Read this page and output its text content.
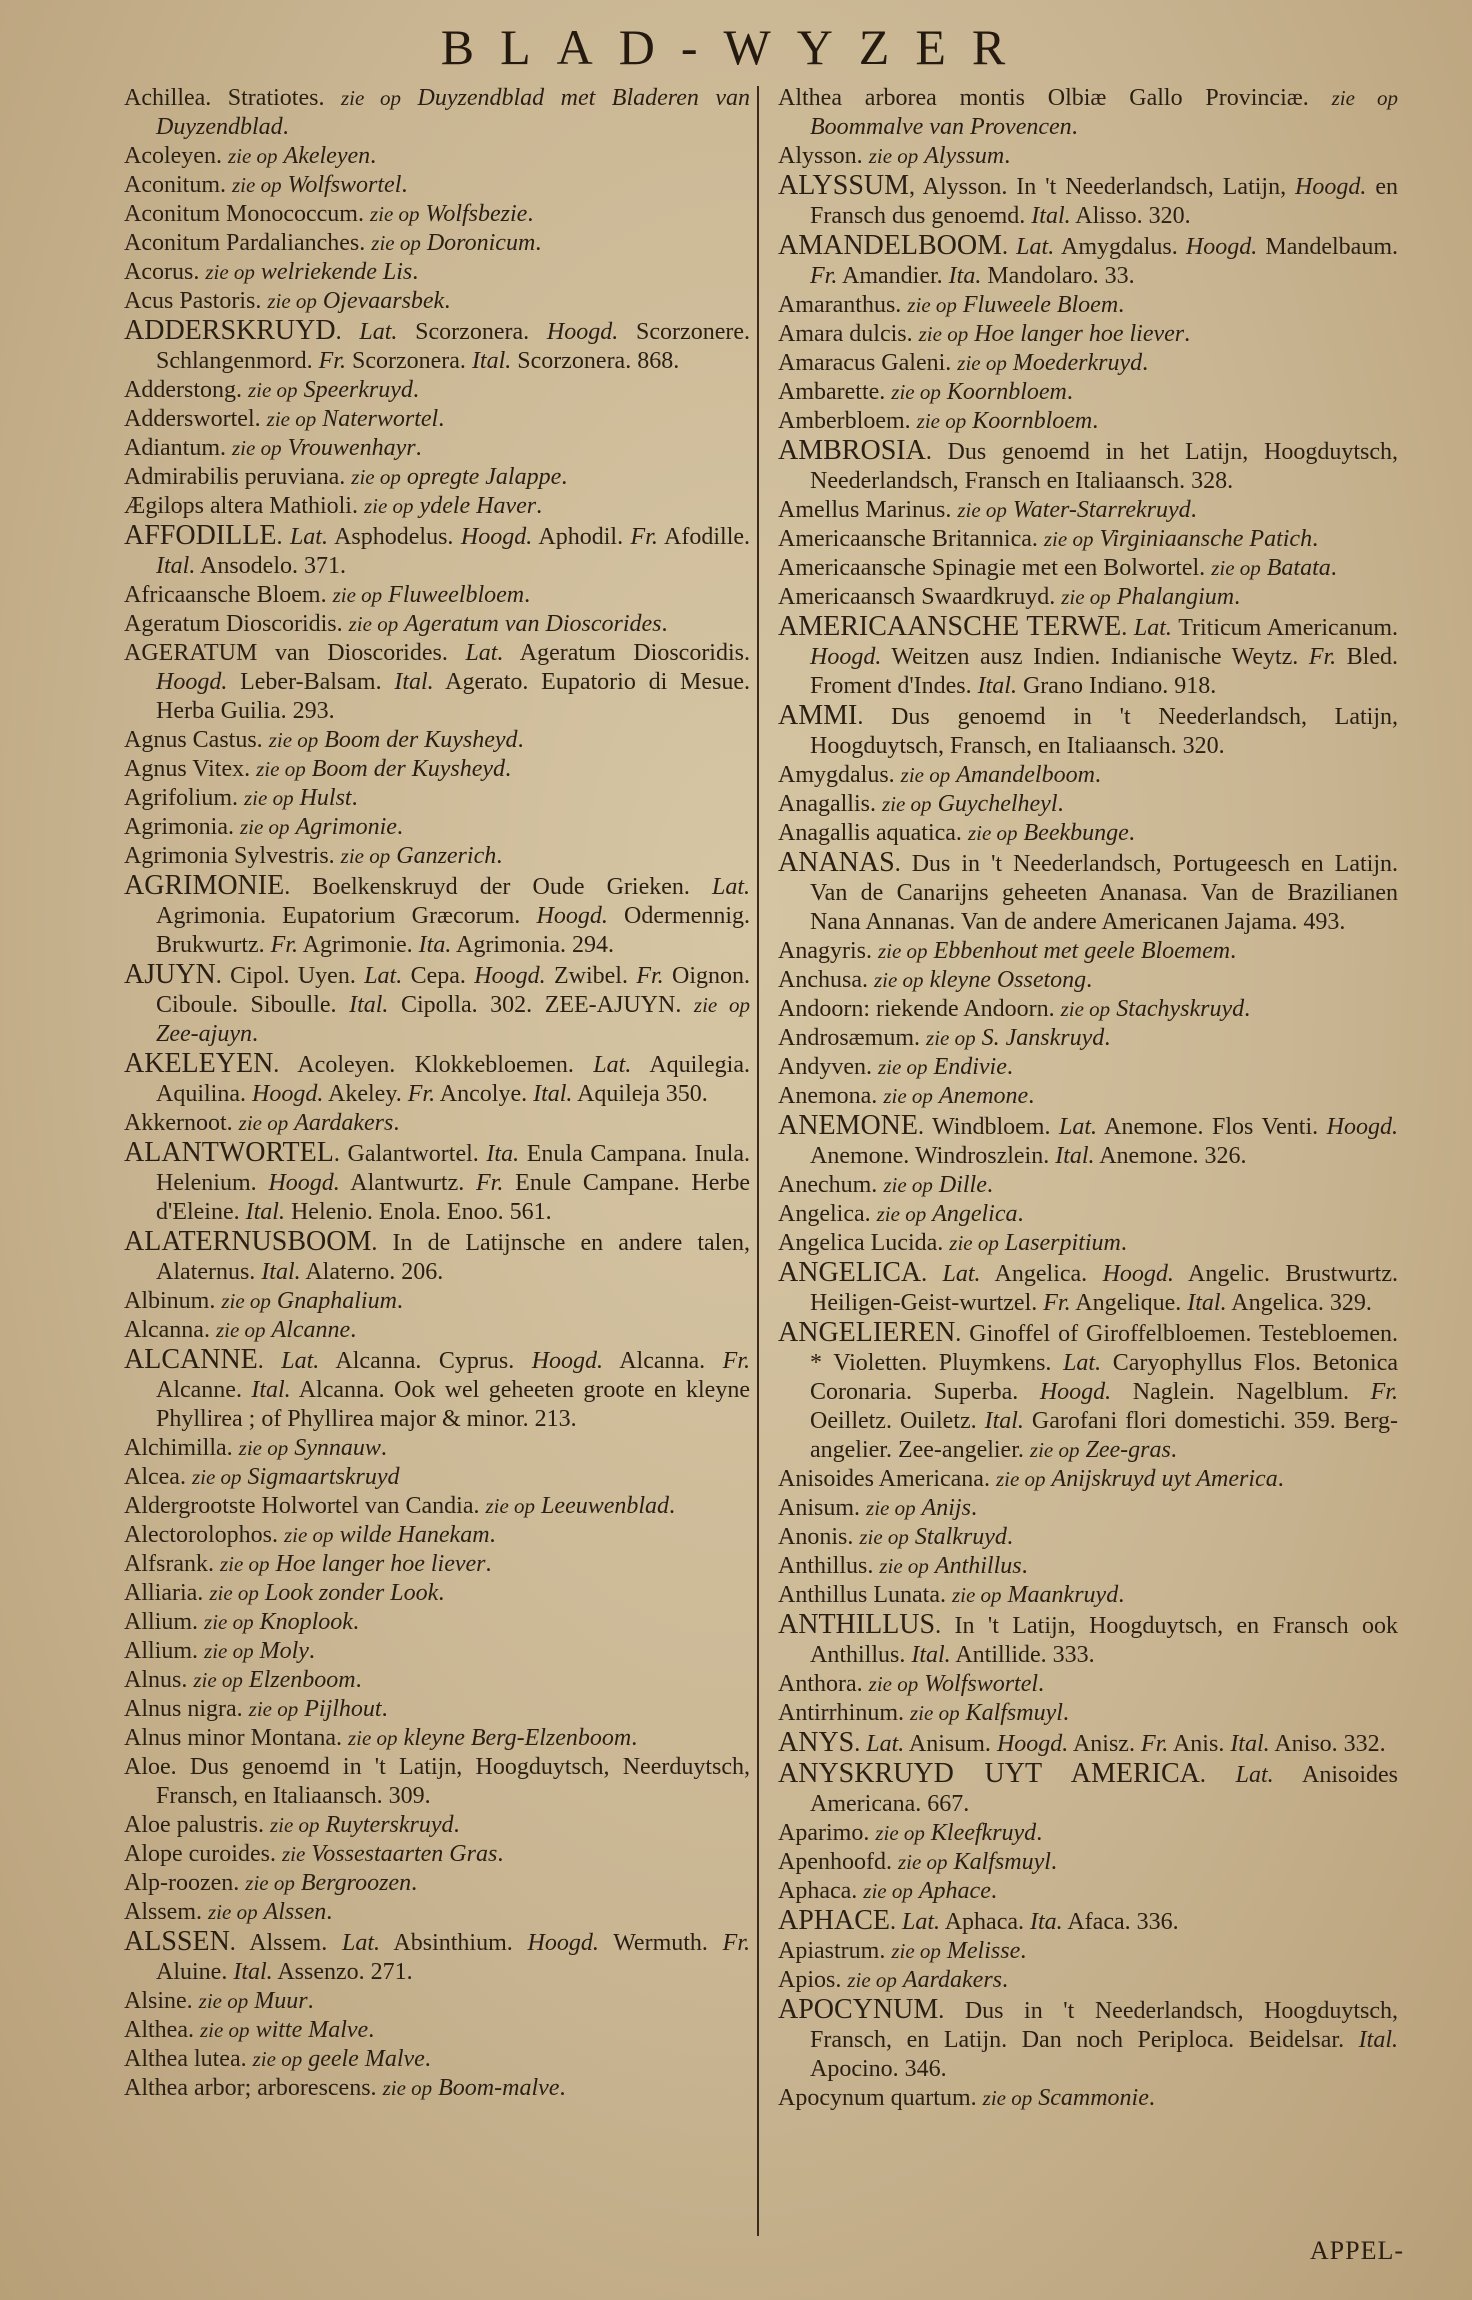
BLAD-WYZER

Achillea. Stratiotes. zie op Duyzendblad met Bladeren van Duyzendblad.

Acoleyen. zie op Akeleyen.

Aconitum. zie op Wolfswortel.

Aconitum Monococcum. zie op Wolfsbezie.

Aconitum Pardalianches. zie op Doronicum.

Acorus. zie op welriekende Lis.

Acus Pastoris. zie op Ojevaarsbek.

ADDERSKRUYD. Lat. Scorzonera. Hoogd. Scorzonere. Schlangenmord. Fr. Scorzonera. Ital. Scorzonera. 868.

Adderstong. zie op Speerkruyd.

Adderswortel. zie op Naterwortel.

Adiantum. zie op Vrouwenhayr.

Admirabilis peruviana. zie op opregte Jalappe.

Ægilops altera Mathioli. zie op ydele Haver.

AFFODILLE. Lat. Asphodelus. Hoogd. Aphodil. Fr. Afodille. Ital. Ansodelo. 371.

Africaansche Bloem. zie op Fluweelbloem.

Ageratum Dioscoridis. zie op Ageratum van Dioscorides.

AGERATUM van Dioscorides. Lat. Ageratum Dioscoridis. Hoogd. Leber-Balsam. Ital. Agerato. Eupatorio di Mesue. Herba Guilia. 293.

Agnus Castus. zie op Boom der Kuysheyd.

Agnus Vitex. zie op Boom der Kuysheyd.

Agrifolium. zie op Hulst.

Agrimonia. zie op Agrimonie.

Agrimonia Sylvestris. zie op Ganzerich.

AGRIMONIE. Boelkenskruyd der Oude Grieken. Lat. Agrimonia. Eupatorium Græcorum. Hoogd. Odermennig. Brukwurtz. Fr. Agrimonie. Ita. Agrimonia. 294.

AJUYN. Cipol. Uyen. Lat. Cepa. Hoogd. Zwibel. Fr. Oignon. Ciboule. Siboulle. Ital. Cipolla. 302. ZEE-AJUYN. zie op Zee-ajuyn.

AKELEYEN. Acoleyen. Klokkebloemen. Lat. Aquilegia. Aquilina. Hoogd. Akeley. Fr. Ancolye. Ital. Aquileja 350.

Akkernoot. zie op Aardakers.

ALANTWORTEL. Galantwortel. Ita. Enula Campana. Inula. Helenium. Hoogd. Alantwurtz. Fr. Enule Campane. Herbe d'Eleine. Ital. Helenio. Enola. Enoo. 561.

ALATERNUSBOOM. In de Latijnsche en andere talen, Alaternus. Ital. Alaterno. 206.

Albinum. zie op Gnaphalium.

Alcanna. zie op Alcanne.

ALCANNE. Lat. Alcanna. Cyprus. Hoogd. Alcanna. Fr. Alcanne. Ital. Alcanna. Ook wel geheeten groote en kleyne Phyllirea ; of Phyllirea major & minor. 213.

Alchimilla. zie op Synnauw.

Alcea. zie op Sigmaartskruyd

Aldergrootste Holwortel van Candia. zie op Leeuwenblad.

Alectorolophos. zie op wilde Hanekam.

Alfsrank. zie op Hoe langer hoe liever.

Alliaria. zie op Look zonder Look.

Allium. zie op Knoplook.

Allium. zie op Moly.

Alnus. zie op Elzenboom.

Alnus nigra. zie op Pijlhout.

Alnus minor Montana. zie op kleyne Berg-Elzenboom.

Aloe. Dus genoemd in 't Latijn, Hoogduytsch, Neerduytsch, Fransch, en Italiaansch. 309.

Aloe palustris. zie op Ruyterskruyd.

Alope curoides. zie Vossestaarten Gras.

Alp-roozen. zie op Bergroozen.

Alssem. zie op Alssen.

ALSSEN. Alssem. Lat. Absinthium. Hoogd. Wermuth. Fr. Aluine. Ital. Assenzo. 271.

Alsine. zie op Muur.

Althea. zie op witte Malve.

Althea lutea. zie op geele Malve.

Althea arbor; arborescens. zie op Boom-malve.

Althea arborea montis Olbiæ Gallo Provinciæ. zie op Boommalve van Provencen.

Alysson. zie op Alyssum.

ALYSSUM, Alysson. In 't Neederlandsch, Latijn, Hoogd. en Fransch dus genoemd. Ital. Alisso. 320.

AMANDELBOOM. Lat. Amygdalus. Hoogd. Mandelbaum. Fr. Amandier. Ita. Mandolaro. 33.

Amaranthus. zie op Fluweele Bloem.

Amara dulcis. zie op Hoe langer hoe liever.

Amaracus Galeni. zie op Moederkruyd.

Ambarette. zie op Koornbloem.

Amberbloem. zie op Koornbloem.

AMBROSIA. Dus genoemd in het Latijn, Hoogduytsch, Neederlandsch, Fransch en Italiaansch. 328.

Amellus Marinus. zie op Water-Starrekruyd.

Americaansche Britannica. zie op Virginiaansche Patich.

Americaansche Spinagie met een Bolwortel. zie op Batata.

Americaansch Swaardkruyd. zie op Phalangium.

AMERICAANSCHE TERWE. Lat. Triticum Americanum. Hoogd. Weitzen ausz Indien. Indianische Weytz. Fr. Bled. Froment d'Indes. Ital. Grano Indiano. 918.

AMMI. Dus genoemd in 't Neederlandsch, Latijn, Hoogduytsch, Fransch, en Italiaansch. 320.

Amygdalus. zie op Amandelboom.

Anagallis. zie op Guychelheyl.

Anagallis aquatica. zie op Beekbunge.

ANANAS. Dus in 't Neederlandsch, Portugeesch en Latijn. Van de Canarijns geheeten Ananasa. Van de Brazilianen Nana Annanas. Van de andere Americanen Jajama. 493.

Anagyris. zie op Ebbenhout met geele Bloemem.

Anchusa. zie op kleyne Ossetong.

Andoorn: riekende Andoorn. zie op Stachyskruyd.

Androsæmum. zie op S. Janskruyd.

Andyven. zie op Endivie.

Anemona. zie op Anemone.

ANEMONE. Windbloem. Lat. Anemone. Flos Venti. Hoogd. Anemone. Windroszlein. Ital. Anemone. 326.

Anechum. zie op Dille.

Angelica. zie op Angelica.

Angelica Lucida. zie op Laserpitium.

ANGELICA. Lat. Angelica. Hoogd. Angelic. Brustwurtz. Heiligen-Geist-wurtzel. Fr. Angelique. Ital. Angelica. 329.

ANGELIEREN. Ginoffel of Giroffelbloemen. Testebloemen. * Violetten. Pluymkens. Lat. Caryophyllus Flos. Betonica Coronaria. Superba. Hoogd. Naglein. Nagelblum. Fr. Oeilletz. Ouiletz. Ital. Garofani flori domestichi. 359. Berg-angelier. Zee-angelier. zie op Zee-gras.

Anisoides Americana. zie op Anijskruyd uyt America.

Anisum. zie op Anijs.

Anonis. zie op Stalkruyd.

Anthillus. zie op Anthillus.

Anthillus Lunata. zie op Maankruyd.

ANTHILLUS. In 't Latijn, Hoogduytsch, en Fransch ook Anthillus. Ital. Antillide. 333.

Anthora. zie op Wolfswortel.

Antirrhinum. zie op Kalfsmuyl.

ANYS. Lat. Anisum. Hoogd. Anisz. Fr. Anis. Ital. Aniso. 332.

ANYSKRUYD UYT AMERICA. Lat. Anisoides Americana. 667.

Aparimo. zie op Kleefkruyd.

Apenhoofd. zie op Kalfsmuyl.

Aphaca. zie op Aphace.

APHACE. Lat. Aphaca. Ita. Afaca. 336.

Apiastrum. zie op Melisse.

Apios. zie op Aardakers.

APOCYNUM. Dus in 't Neederlandsch, Hoogduytsch, Fransch, en Latijn. Dan noch Periploca. Beidelsar. Ital. Apocino. 346.

Apocynum quartum. zie op Scammonie.

APPEL-
